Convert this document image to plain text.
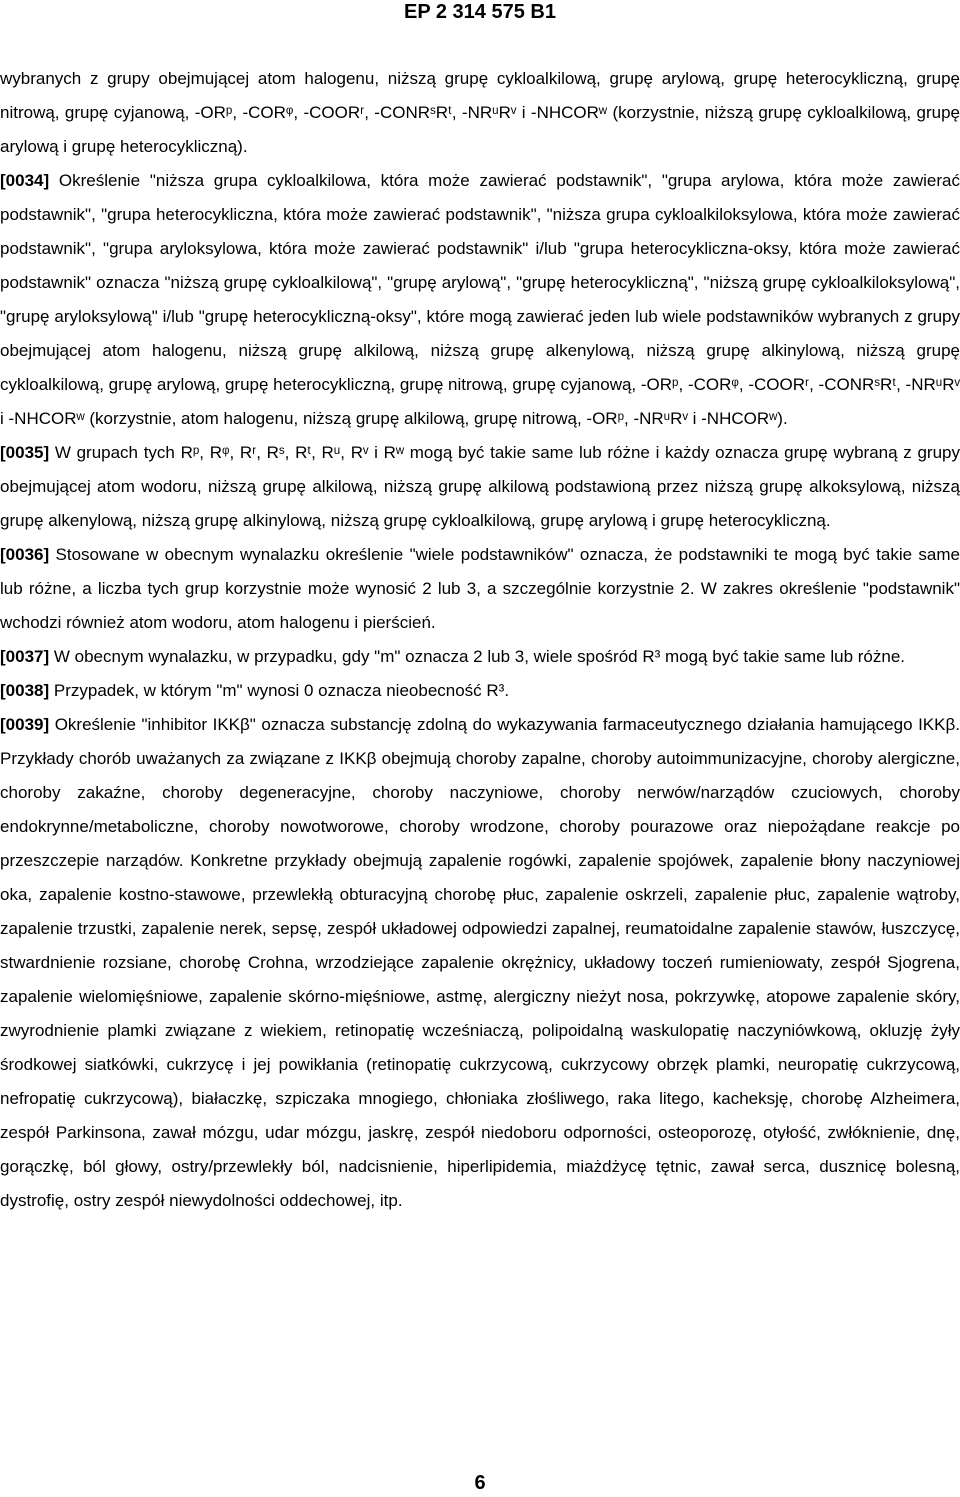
EP 2 314 575 B1

wybranych z grupy obejmującej atom halogenu, niższą grupę cykloalkilową, grupę arylową, grupę heterocykliczną, grupę nitrową, grupę cyjanową, -ORᵖ, -CORᵠ, -COORʳ, -CONRˢRᵗ, -NRᵘRᵛ i -NHCORʷ (korzystnie, niższą grupę cykloalkilową, grupę arylową i grupę heterocykliczną).

[0034] Określenie "niższa grupa cykloalkilowa, która może zawierać podstawnik", "grupa arylowa, która może zawierać podstawnik", "grupa heterocykliczna, która może zawierać podstawnik", "niższa grupa cykloalkiloksylowa, która może zawierać podstawnik", "grupa aryloksylowa, która może zawierać podstawnik" i/lub "grupa heterocykliczna-oksy, która może zawierać podstawnik" oznacza "niższą grupę cykloalkilową", "grupę arylową", "grupę heterocykliczną", "niższą grupę cykloalkiloksylową", "grupę aryloksylową" i/lub "grupę heterocykliczną-oksy", które mogą zawierać jeden lub wiele podstawników wybranych z grupy obejmującej atom halogenu, niższą grupę alkilową, niższą grupę alkenylową, niższą grupę alkinylową, niższą grupę cykloalkilową, grupę arylową, grupę heterocykliczną, grupę nitrową, grupę cyjanową, -ORᵖ, -CORᵠ, -COORʳ, -CONRˢRᵗ, -NRᵘRᵛ i -NHCORʷ (korzystnie, atom halogenu, niższą grupę alkilową, grupę nitrową, -ORᵖ, -NRᵘRᵛ i -NHCORʷ).

[0035] W grupach tych Rᵖ, Rᵠ, Rʳ, Rˢ, Rᵗ, Rᵘ, Rᵛ i Rʷ mogą być takie same lub różne i każdy oznacza grupę wybraną z grupy obejmującej atom wodoru, niższą grupę alkilową, niższą grupę alkilową podstawioną przez niższą grupę alkoksylową, niższą grupę alkenylową, niższą grupę alkinylową, niższą grupę cykloalkilową, grupę arylową i grupę heterocykliczną.

[0036] Stosowane w obecnym wynalazku określenie "wiele podstawników" oznacza, że podstawniki te mogą być takie same lub różne, a liczba tych grup korzystnie może wynosić 2 lub 3, a szczególnie korzystnie 2. W zakres określenie "podstawnik" wchodzi również atom wodoru, atom halogenu i pierścień.

[0037] W obecnym wynalazku, w przypadku, gdy "m" oznacza 2 lub 3, wiele spośród R³ mogą być takie same lub różne.

[0038] Przypadek, w którym "m" wynosi 0 oznacza nieobecność R³.

[0039] Określenie "inhibitor IKKβ" oznacza substancję zdolną do wykazywania farmaceutycznego działania hamującego IKKβ. Przykłady chorób uważanych za związane z IKKβ obejmują choroby zapalne, choroby autoimmunizacyjne, choroby alergiczne, choroby zakaźne, choroby degeneracyjne, choroby naczyniowe, choroby nerwów/narządów czuciowych, choroby endokrynne/metaboliczne, choroby nowotworowe, choroby wrodzone, choroby pourazowe oraz niepożądane reakcje po przeszczepie narządów. Konkretne przykłady obejmują zapalenie rogówki, zapalenie spojówek, zapalenie błony naczyniowej oka, zapalenie kostno-stawowe, przewlekłą obturacyjną chorobę płuc, zapalenie oskrzeli, zapalenie płuc, zapalenie wątroby, zapalenie trzustki, zapalenie nerek, sepsę, zespół układowej odpowiedzi zapalnej, reumatoidalne zapalenie stawów, łuszczycę, stwardnienie rozsiane, chorobę Crohna, wrzodziejące zapalenie okrężnicy, układowy toczeń rumieniowaty, zespół Sjogrena, zapalenie wielomięśniowe, zapalenie skórno-mięśniowe, astmę, alergiczny nieżyt nosa, pokrzywkę, atopowe zapalenie skóry, zwyrodnienie plamki związane z wiekiem, retinopatię wcześniaczą, polipoidalną waskulopatię naczyniówkową, okluzję żyły środkowej siatkówki, cukrzycę i jej powikłania (retinopatię cukrzycową, cukrzycowy obrzęk plamki, neuropatię cukrzycową, nefropatię cukrzycową), białaczkę, szpiczaka mnogiego, chłoniaka złośliwego, raka litego, kacheksję, chorobę Alzheimera, zespół Parkinsona, zawał mózgu, udar mózgu, jaskrę, zespół niedoboru odporności, osteoporozę, otyłość, zwłóknienie, dnę, gorączkę, ból głowy, ostry/przewlekły ból, nadcisnienie, hiperlipidemia, miażdżycę tętnic, zawał serca, dusznicę bolesną, dystrofię, ostry zespół niewydolności oddechowej, itp.

6
